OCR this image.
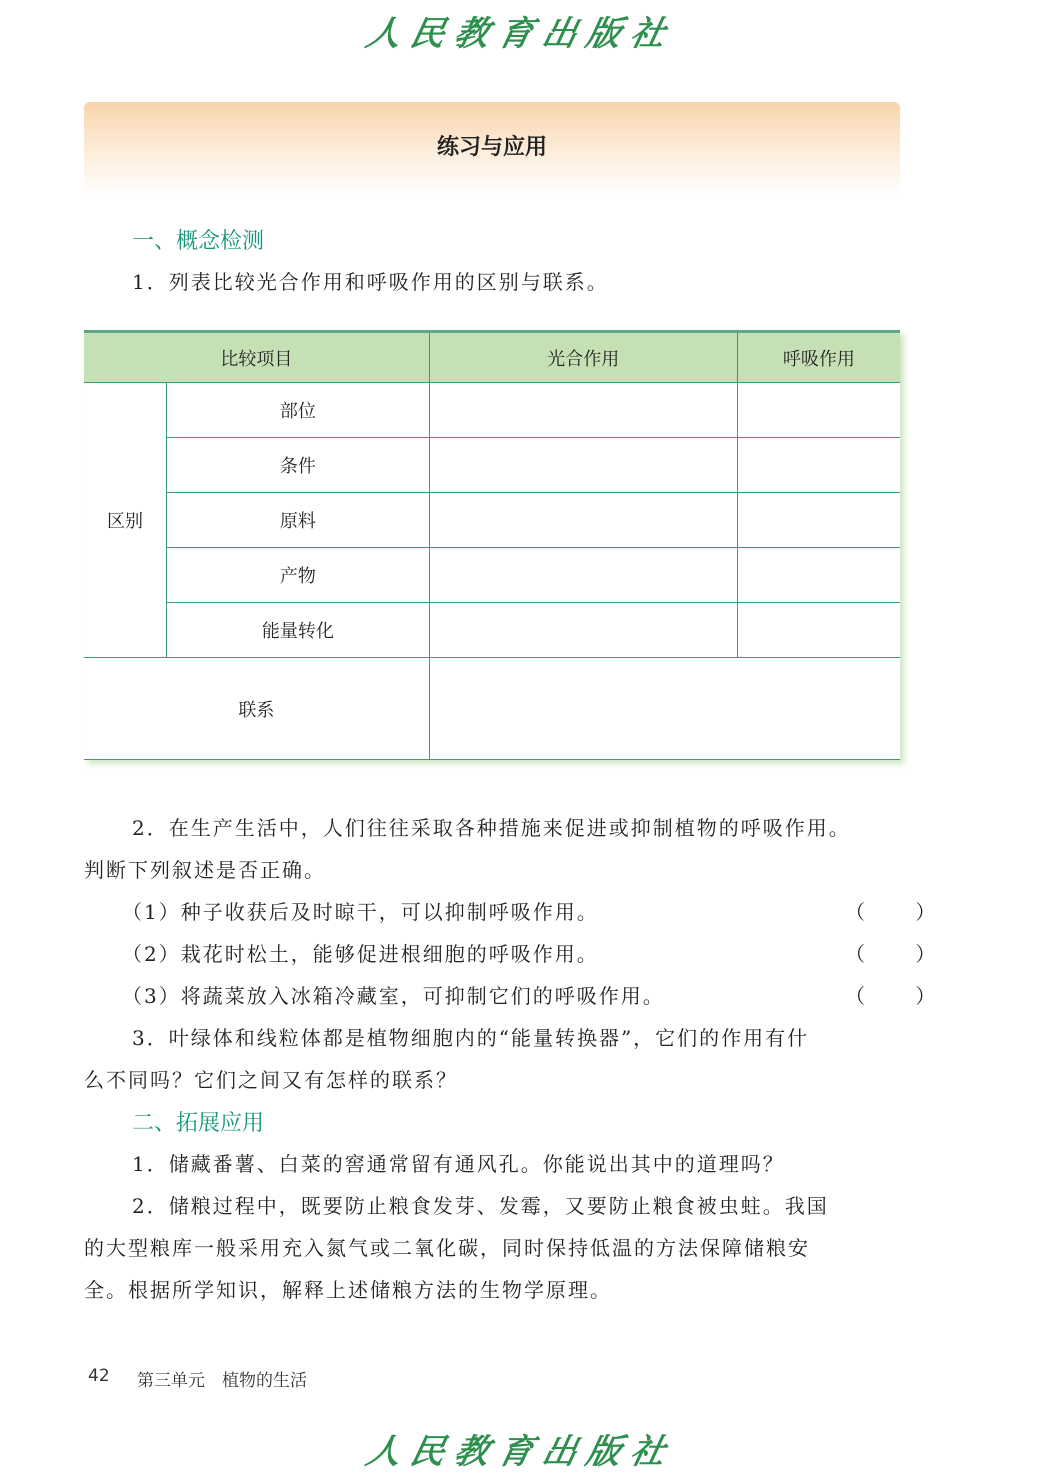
人民教育出版社
练习与应用
一、概念检测
1．列表比较光合作用和呼吸作用的区别与联系。
比较项目		光合作用	呼吸作用
区别	部位		
	条件		
	原料		
	产物		
	能量转化		
联系			
2．在生产生活中，人们往往采取各种措施来促进或抑制植物的呼吸作用。
判断下列叙述是否正确。
（1）种子收获后及时晾干，可以抑制呼吸作用。	（ ）
（2）栽花时松土，能够促进根细胞的呼吸作用。	（ ）
（3）将蔬菜放入冰箱冷藏室，可抑制它们的呼吸作用。	（ ）
3．叶绿体和线粒体都是植物细胞内的“能量转换器”，它们的作用有什
么不同吗？它们之间又有怎样的联系？
二、拓展应用
1．储藏番薯、白菜的窖通常留有通风孔。你能说出其中的道理吗？
2．储粮过程中，既要防止粮食发芽、发霉，又要防止粮食被虫蛀。我国
的大型粮库一般采用充入氮气或二氧化碳，同时保持低温的方法保障储粮安
全。根据所学知识，解释上述储粮方法的生物学原理。
42 第三单元　植物的生活
人民教育出版社
